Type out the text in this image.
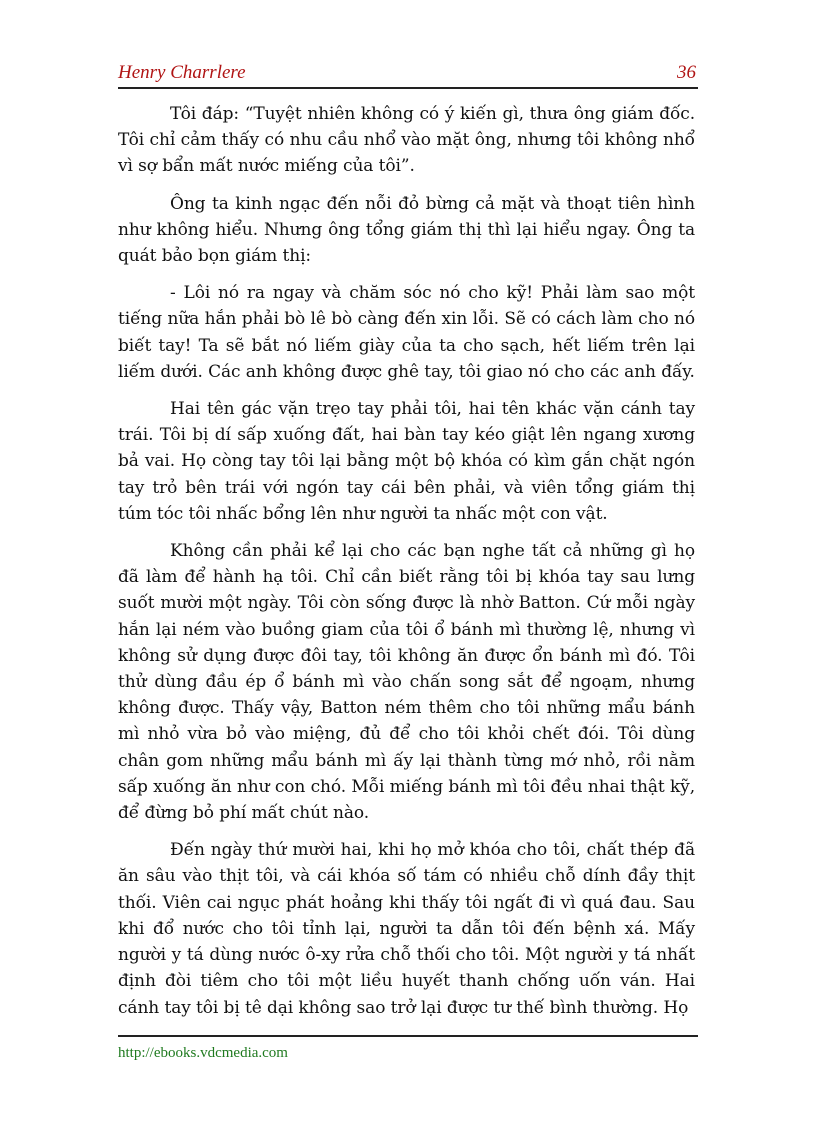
Henry Charrlere	36

Tôi đáp: “Tuyệt nhiên không có ý kiến gì, thưa ông giám đốc. Tôi chỉ cảm thấy có nhu cầu nhổ vào mặt ông, nhưng tôi không nhổ vì sợ bẩn mất nước miếng của tôi”.

Ông ta kinh ngạc đến nỗi đỏ bừng cả mặt và thoạt tiên hình như không hiểu. Nhưng ông tổng giám thị thì lại hiểu ngay. Ông ta quát bảo bọn giám thị:

- Lôi nó ra ngay và chăm sóc nó cho kỹ! Phải làm sao một tiếng nữa hắn phải bò lê bò càng đến xin lỗi. Sẽ có cách làm cho nó biết tay! Ta sẽ bắt nó liếm giày của ta cho sạch, hết liếm trên lại liếm dưới. Các anh không được ghê tay, tôi giao nó cho các anh đấy.

Hai tên gác vặn trẹo tay phải tôi, hai tên khác vặn cánh tay trái. Tôi bị dí sấp xuống đất, hai bàn tay kéo giật lên ngang xương bả vai. Họ còng tay tôi lại bằng một bộ khóa có kìm gắn chặt ngón tay trỏ bên trái với ngón tay cái bên phải, và viên tổng giám thị túm tóc tôi nhấc bổng lên như người ta nhấc một con vật.

Không cần phải kể lại cho các bạn nghe tất cả những gì họ đã làm để hành hạ tôi. Chỉ cần biết rằng tôi bị khóa tay sau lưng suốt mười một ngày. Tôi còn sống được là nhờ Batton. Cứ mỗi ngày hắn lại ném vào buồng giam của tôi ổ bánh mì thường lệ, nhưng vì không sử dụng được đôi tay, tôi không ăn được ổn bánh mì đó. Tôi thử dùng đầu ép ổ bánh mì vào chấn song sắt để ngoạm, nhưng không được. Thấy vậy, Batton ném thêm cho tôi những mẩu bánh mì nhỏ vừa bỏ vào miệng, đủ để cho tôi khỏi chết đói. Tôi dùng chân gom những mẩu bánh mì ấy lại thành từng mớ nhỏ, rồi nằm sấp xuống ăn như con chó. Mỗi miếng bánh mì tôi đều nhai thật kỹ, để đừng bỏ phí mất chút nào.

Đến ngày thứ mười hai, khi họ mở khóa cho tôi, chất thép đã ăn sâu vào thịt tôi, và cái khóa số tám có nhiều chỗ dính đầy thịt thối. Viên cai ngục phát hoảng khi thấy tôi ngất đi vì quá đau. Sau khi đổ nước cho tôi tỉnh lại, người ta dẫn tôi đến bệnh xá. Mấy người y tá dùng nước ô-xy rửa chỗ thối cho tôi. Một người y tá nhất định đòi tiêm cho tôi một liều huyết thanh chống uốn ván. Hai cánh tay tôi bị tê dại không sao trở lại được tư thế bình thường. Họ

http://ebooks.vdcmedia.com
